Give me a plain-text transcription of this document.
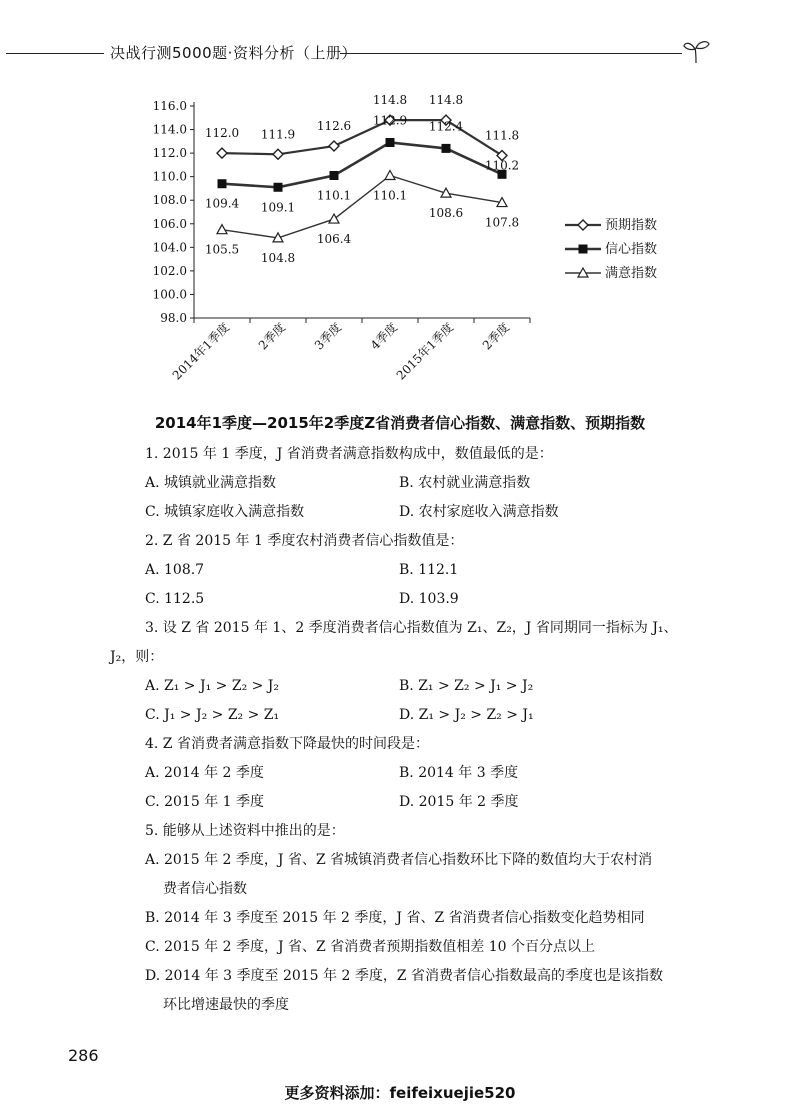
决战行测5000题·资料分析（上册）
116.0
114.0
112.0
110.0
108.0
106.0
104.0
102.0
100.0
98.0
2014年1季度 2季度 3季度 4季度
2015年1季度 2季度
112.0 111.9
112.6
114.8 114.8
111.8
109.4 109.1
110.1
112.9 112.4
110.2
105.5
104.8
106.4
110.1
108.6
107.8	预期指数
信心指数
满意指数
2014年1季度—2015年2季度Z省消费者信心指数、满意指数、预期指数
1. 2015 年 1 季度，J 省消费者满意指数构成中，数值最低的是：
A. 城镇就业满意指数	B. 农村就业满意指数
C. 城镇家庭收入满意指数	D. 农村家庭收入满意指数
2. Z 省 2015 年 1 季度农村消费者信心指数值是：
A. 108.7	B. 112.1
C. 112.5	D. 103.9
3. 设 Z 省 2015 年 1、2 季度消费者信心指数值为 Z₁、Z₂，J 省同期同一指标为 J₁、
J₂，则：
A. Z₁ > J₁ > Z₂ > J₂	B. Z₁ > Z₂ > J₁ > J₂
C. J₁ > J₂ > Z₂ > Z₁	D. Z₁ > J₂ > Z₂ > J₁
4. Z 省消费者满意指数下降最快的时间段是：
A. 2014 年 2 季度	B. 2014 年 3 季度
C. 2015 年 1 季度	D. 2015 年 2 季度
5. 能够从上述资料中推出的是：
A. 2015 年 2 季度，J 省、Z 省城镇消费者信心指数环比下降的数值均大于农村消
费者信心指数
B. 2014 年 3 季度至 2015 年 2 季度，J 省、Z 省消费者信心指数变化趋势相同
C. 2015 年 2 季度，J 省、Z 省消费者预期指数值相差 10 个百分点以上
D. 2014 年 3 季度至 2015 年 2 季度，Z 省消费者信心指数最高的季度也是该指数
环比增速最快的季度
286
更多资料添加：feifeixuejie520
